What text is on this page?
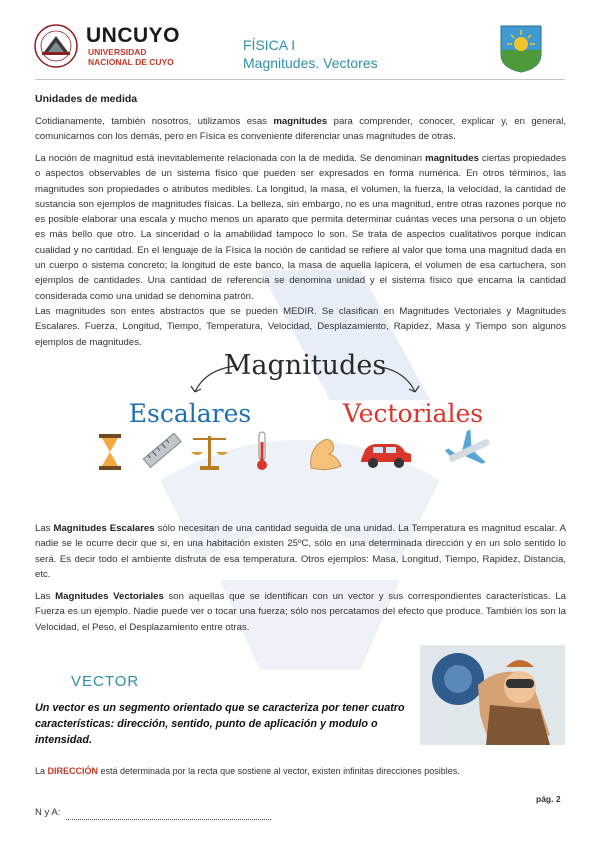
UNCUYO
UNIVERSIDAD
NACIONAL DE CUYO
FÍSICA I
Magnitudes. Vectores
Unidades de medida
Cotidianamente, también nosotros, utilizamos esas magnitudes para comprender, conocer, explicar y, en general, comunicarnos con los demás, pero en Física es conveniente diferenciar unas magnitudes de otras.
La noción de magnitud está inevitablemente relacionada con la de medida. Se denominan magnitudes ciertas propiedades o aspectos observables de un sistema físico que pueden ser expresados en forma numérica. En otros términos, las magnitudes son propiedades o atributos medibles. La longitud, la masa, el volumen, la fuerza, la velocidad, la cantidad de sustancia son ejemplos de magnitudes físicas. La belleza, sin embargo, no es una magnitud, entre otras razones porque no es posible elaborar una escala y mucho menos un aparato que permita determinar cuántas veces una persona o un objeto es más bello que otro. La sinceridad o la amabilidad tampoco lo son. Se trata de aspectos cualitativos porque indican cualidad y no cantidad. En el lenguaje de la Física la noción de cantidad se refiere al valor que toma una magnitud dada en un cuerpo o sistema concreto; la longitud de este banco, la masa de aquella lapicera, el volumen de esa cartuchera, son ejemplos de cantidades. Una cantidad de referencia se denomina unidad y el sistema físico que encarna la cantidad considerada como una unidad se denomina patrón.
Las magnitudes son entes abstractos que se pueden MEDIR. Se clasifican en Magnitudes Vectoriales y Magnitudes Escalares. Fuerza, Longitud, Tiempo, Temperatura, Velocidad, Desplazamiento, Rapidez, Masa y Tiempo son algunos ejemplos de magnitudes.
Magnitudes
Escalares	Vectoriales
Las Magnitudes Escalares sólo necesitan de una cantidad seguida de una unidad. La Temperatura es magnitud escalar. A nadie se le ocurre decir que si, en una habitación existen 25ºC, sólo en una determinada dirección y en un solo sentido lo será. Es decir todo el ambiente disfruta de esa temperatura. Otros ejemplos: Masa, Longitud, Tiempo, Rapidez, Distancia, etc.
Las Magnitudes Vectoriales son aquellas que se identifican con un vector y sus correspondientes características. La Fuerza es un ejemplo. Nadie puede ver o tocar una fuerza; sólo nos percatamos del efecto que produce. También los son la Velocidad, el Peso, el Desplazamiento entre otras.
VECTOR
Un vector es un segmento orientado que se caracteriza por tener cuatro características: dirección, sentido, punto de aplicación y modulo o intensidad.
La DIRECCIÓN está determinada por la recta que sostiene al vector, existen infinitas direcciones posibles.
pág. 2
N y A:
